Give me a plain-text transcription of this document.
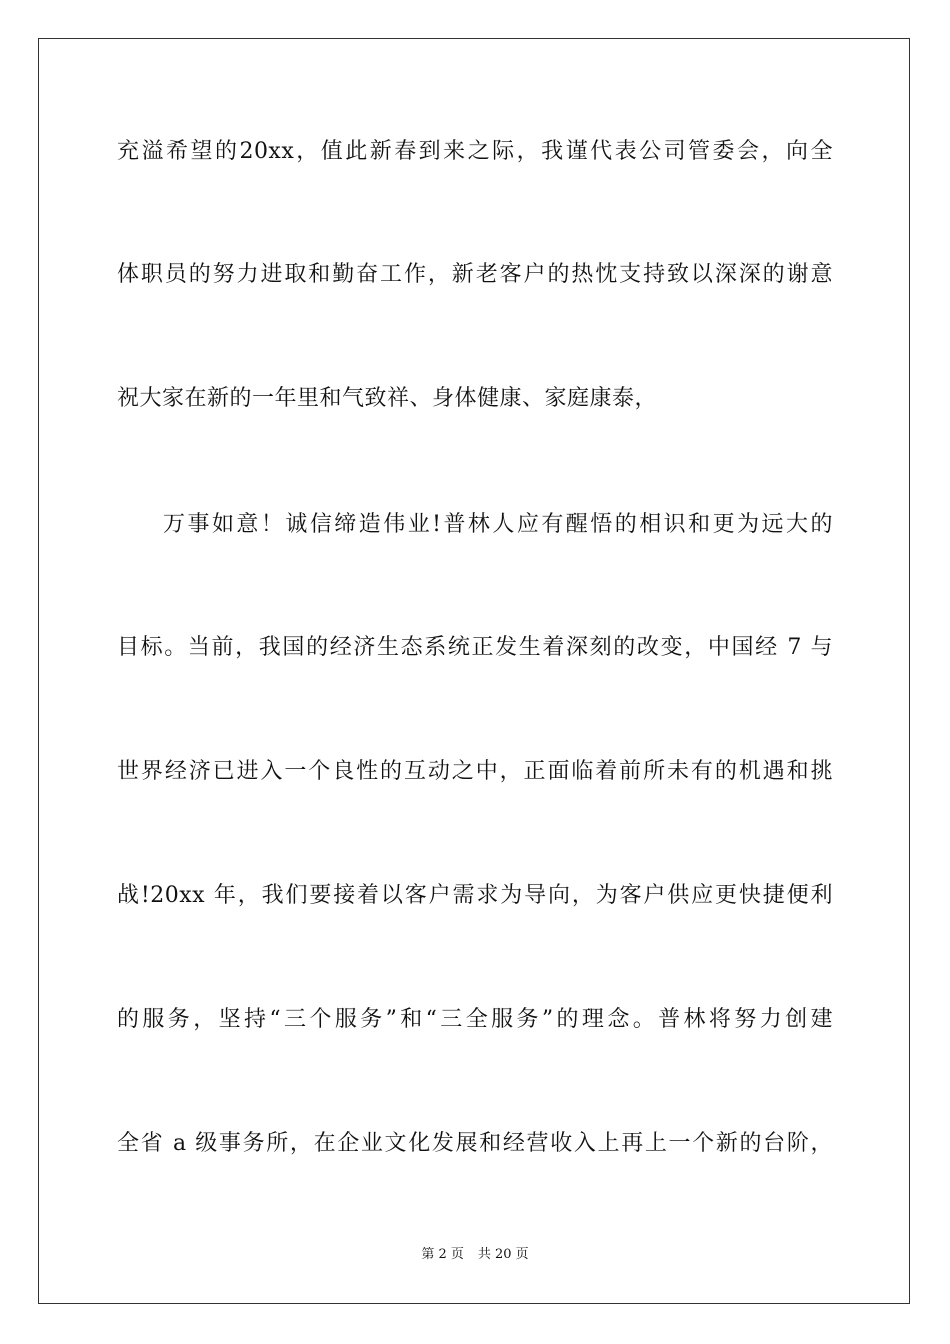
充溢希望的20xx，值此新春到来之际，我谨代表公司管委会，向全
体职员的努力进取和勤奋工作，新老客户的热忱支持致以深深的谢意
祝大家在新的一年里和气致祥、身体健康、家庭康泰，
万事如意！诚信缔造伟业!普林人应有醒悟的相识和更为远大的
目标。当前，我国的经济生态系统正发生着深刻的改变，中国经 7 与
世界经济已进入一个良性的互动之中，正面临着前所未有的机遇和挑
战!20xx 年，我们要接着以客户需求为导向，为客户供应更快捷便利
的服务，坚持“三个服务”和“三全服务”的理念。普林将努力创建
全省 a 级事务所，在企业文化发展和经营收入上再上一个新的台阶，
第 2 页 共 20 页
